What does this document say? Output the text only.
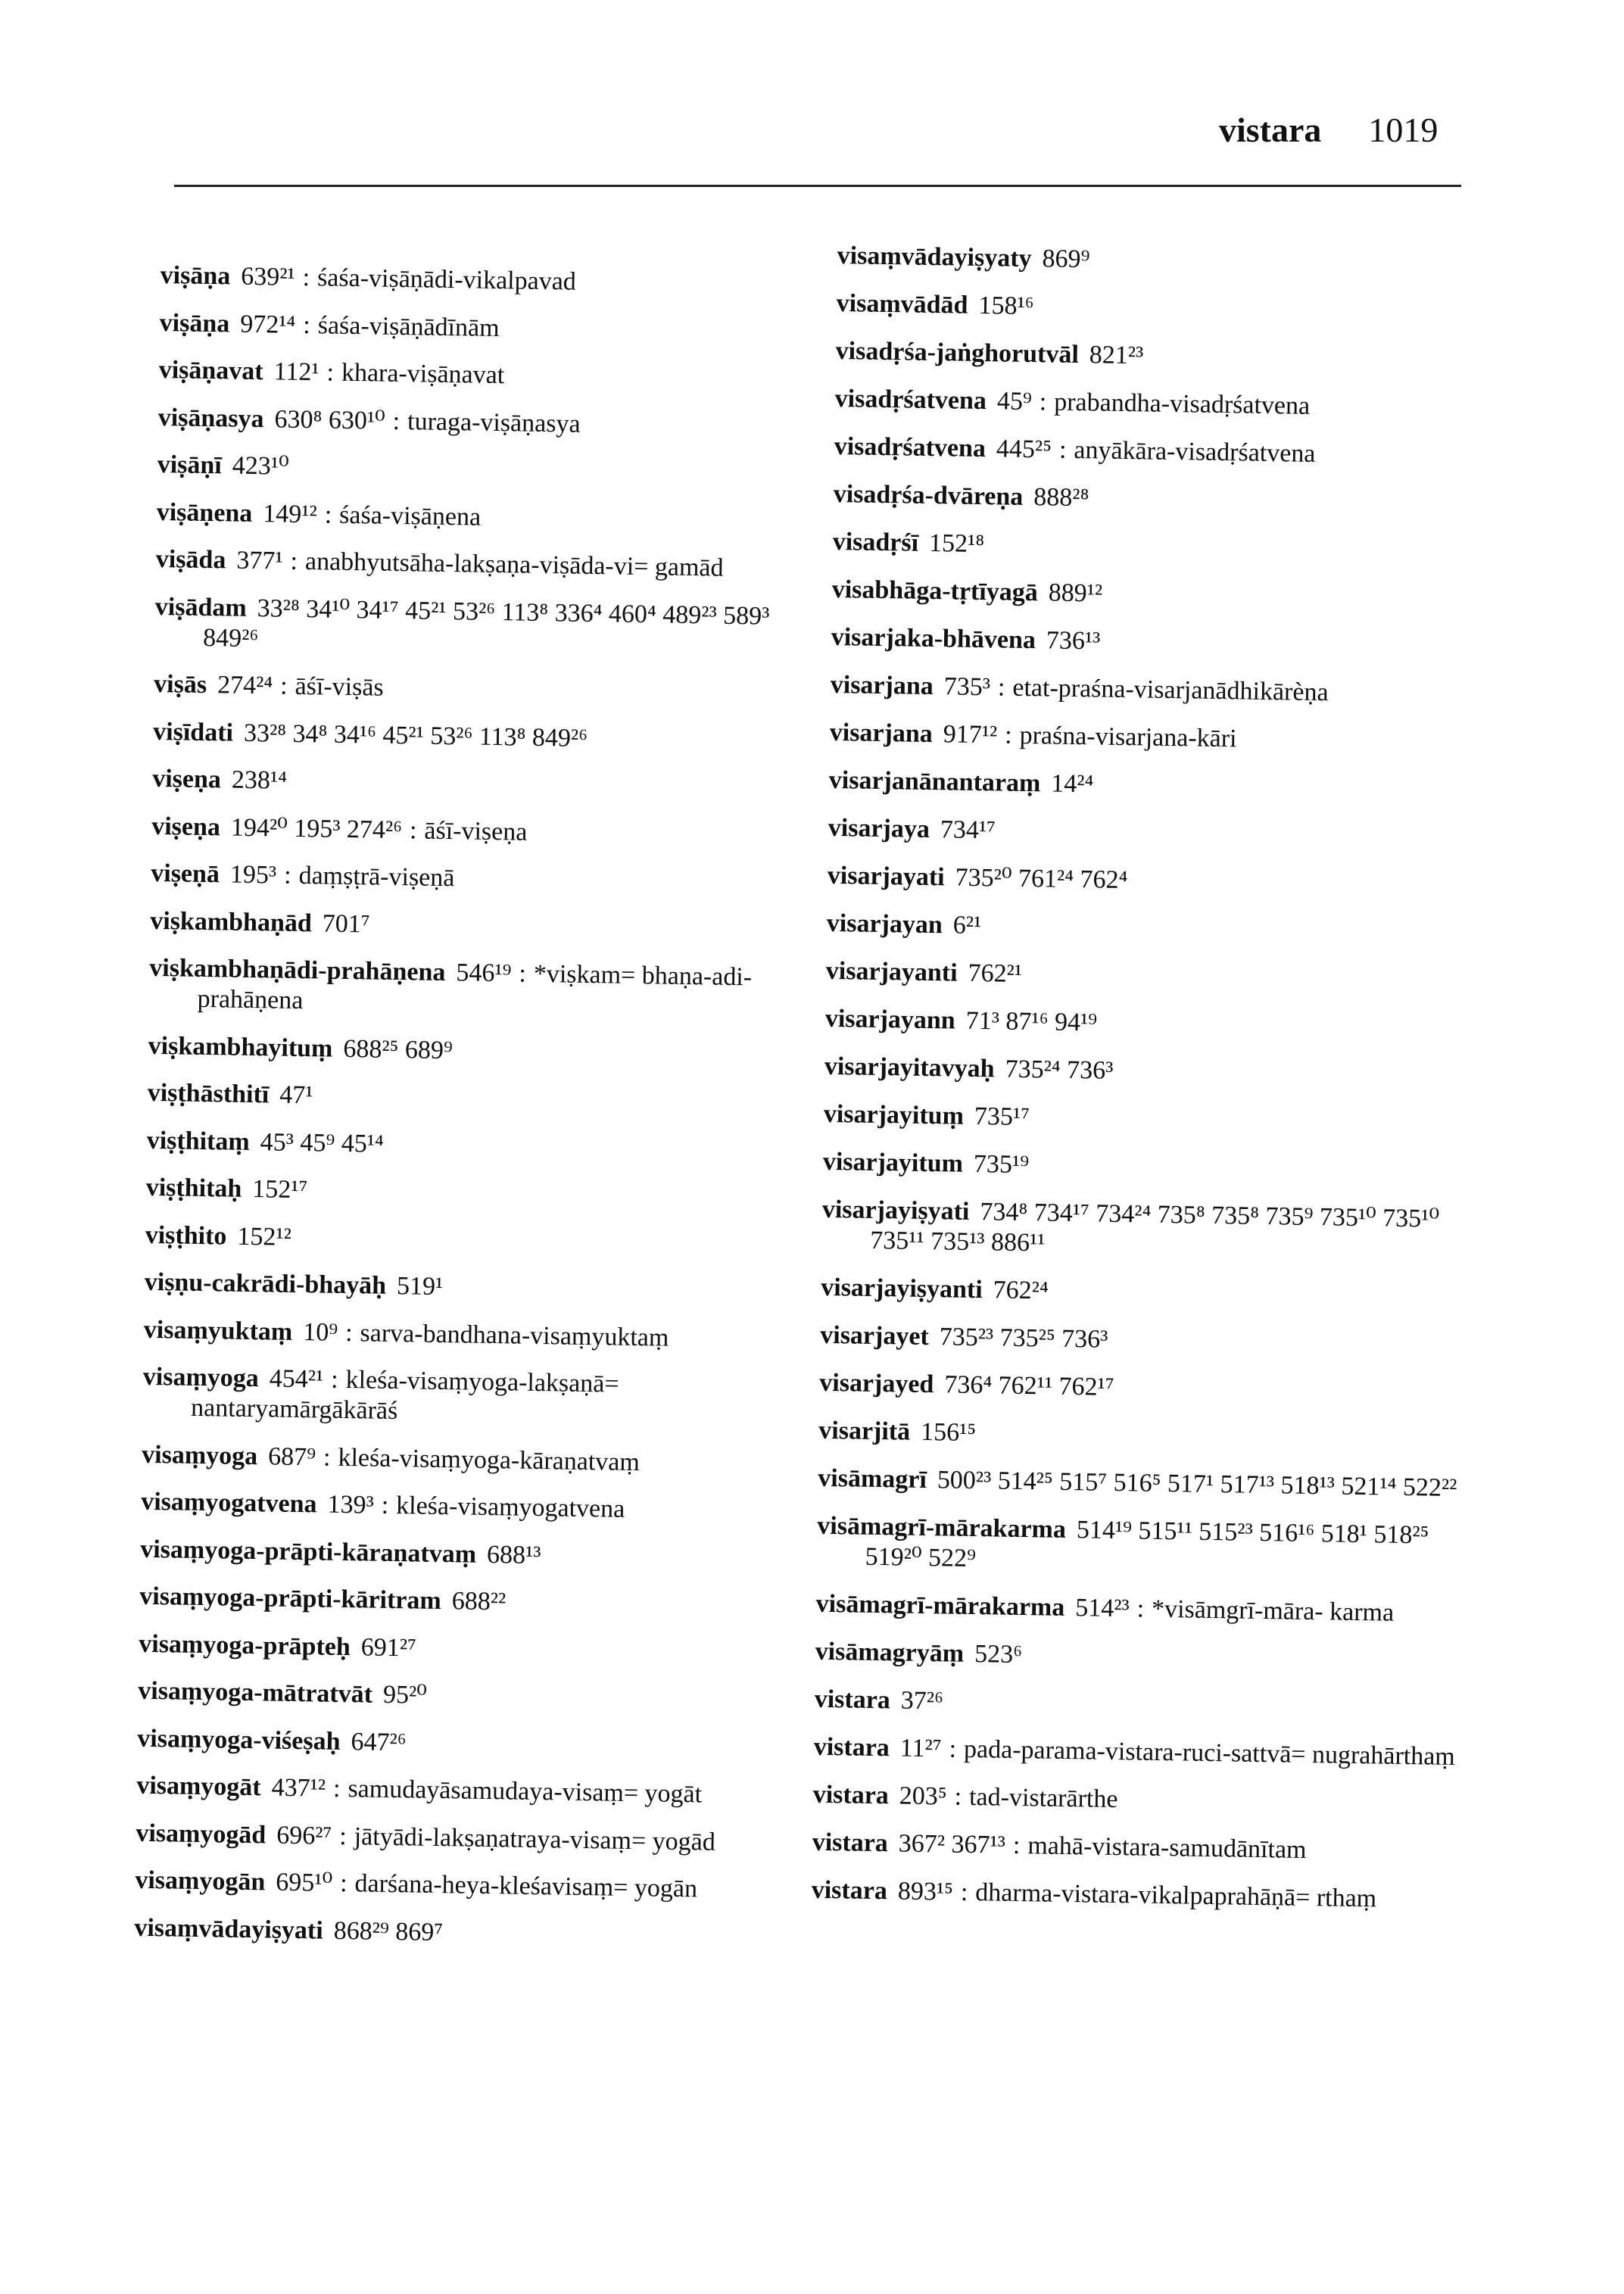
vistara 1019
viṣāṇa 639²¹ : śaśa-viṣāṇādi-vikalpavad
viṣāṇa 972¹⁴ : śaśa-viṣāṇādīnām
viṣāṇavat 112¹ : khara-viṣāṇavat
viṣāṇasya 630⁸ 630¹⁰ : turaga-viṣāṇasya
viṣāṇī 423¹⁰
viṣāṇena 149¹² : śaśa-viṣāṇena
viṣāda 377¹ : anabhyutsāha-lakṣaṇa-viṣāda-vi= gamād
viṣādam 33²⁸ 34¹⁰ 34¹⁷ 45²¹ 53²⁶ 113⁸ 336⁴ 460⁴ 489²³ 589³ 849²⁶
viṣās 274²⁴ : āśī-viṣās
viṣīdati 33²⁸ 34⁸ 34¹⁶ 45²¹ 53²⁶ 113⁸ 849²⁶
viṣeṇa 238¹⁴
viṣeṇa 194²⁰ 195³ 274²⁶ : āśī-viṣeṇa
viṣeṇā 195³ : daṃṣṭrā-viṣeṇā
viṣkambhaṇād 701⁷
viṣkambhaṇādi-prahāṇena 546¹⁹ : *viṣkam= bhaṇa-adi-prahāṇena
viṣkambhayituṃ 688²⁵ 689⁹
viṣṭhāsthitī 47¹
viṣṭhitaṃ 45³ 45⁹ 45¹⁴
viṣṭhitaḥ 152¹⁷
viṣṭhito 152¹²
viṣṇu-cakrādi-bhayāḥ 519¹
visaṃyuktaṃ 10⁹ : sarva-bandhana-visaṃyuktaṃ
visaṃyoga 454²¹ : kleśa-visaṃyoga-lakṣaṇā= nantaryamārgākārāś
visaṃyoga 687⁹ : kleśa-visaṃyoga-kāraṇatvaṃ
visaṃyogatvena 139³ : kleśa-visaṃyogatvena
visaṃyoga-prāpti-kāraṇatvaṃ 688¹³
visaṃyoga-prāpti-kāritram 688²²
visaṃyoga-prāpteḥ 691²⁷
visaṃyoga-mātratvāt 95²⁰
visaṃyoga-viśeṣaḥ 647²⁶
visaṃyogāt 437¹² : samudayāsamudaya-visaṃ= yogāt
visaṃyogād 696²⁷ : jātyādi-lakṣaṇatraya-visaṃ= yogād
visaṃyogān 695¹⁰ : darśana-heya-kleśavisaṃ= yogān
visaṃvādayiṣyati 868²⁹ 869⁷
visaṃvādayiṣyaty 869⁹
visaṃvādād 158¹⁶
visadṛśa-jaṅghorutvāl 821²³
visadṛśatvena 45⁹ : prabandha-visadṛśatvena
visadṛśatvena 445²⁵ : anyākāra-visadṛśatvena
visadṛśa-dvāreṇa 888²⁸
visadṛśī 152¹⁸
visabhāga-tṛtīyagā 889¹²
visarjaka-bhāvena 736¹³
visarjana 735³ : etat-praśna-visarjanādhikārèṇa
visarjana 917¹² : praśna-visarjana-kāri
visarjanānantaraṃ 14²⁴
visarjaya 734¹⁷
visarjayati 735²⁰ 761²⁴ 762⁴
visarjayan 6²¹
visarjayanti 762²¹
visarjayann 71³ 87¹⁶ 94¹⁹
visarjayitavyaḥ 735²⁴ 736³
visarjayituṃ 735¹⁷
visarjayitum 735¹⁹
visarjayiṣyati 734⁸ 734¹⁷ 734²⁴ 735⁸ 735⁸ 735⁹ 735¹⁰ 735¹⁰ 735¹¹ 735¹³ 886¹¹
visarjayiṣyanti 762²⁴
visarjayet 735²³ 735²⁵ 736³
visarjayed 736⁴ 762¹¹ 762¹⁷
visarjitā 156¹⁵
visāmagrī 500²³ 514²⁵ 515⁷ 516⁵ 517¹ 517¹³ 518¹³ 521¹⁴ 522²²
visāmagrī-mārakarma 514¹⁹ 515¹¹ 515²³ 516¹⁶ 518¹ 518²⁵ 519²⁰ 522⁹
visāmagrī-mārakarma 514²³ : *visāmgrī-māra- karma
visāmagryāṃ 523⁶
vistara 37²⁶
vistara 11²⁷ : pada-parama-vistara-ruci-sattvā= nugrahārthaṃ
vistara 203⁵ : tad-vistarārthe
vistara 367² 367¹³ : mahā-vistara-samudānītam
vistara 893¹⁵ : dharma-vistara-vikalpaprahāṇā= rthaṃ
